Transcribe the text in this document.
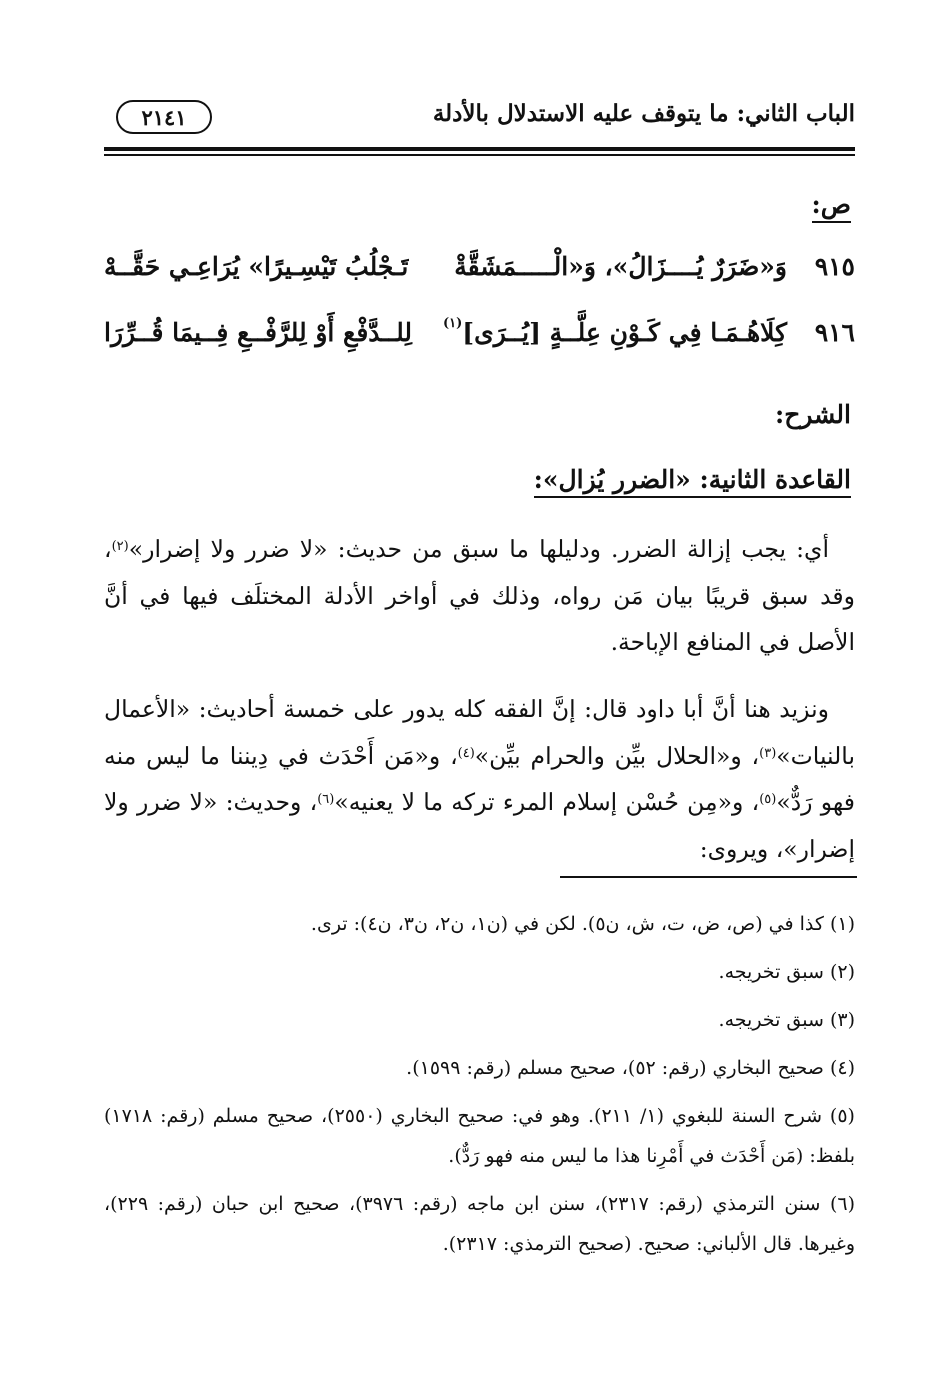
الباب الثاني: ما يتوقف عليه الاستدلال بالأدلة
٢١٤١
ص:
٩١٥
وَ«ضَرَرٌ يُــــزَالُ»، وَ«الْـــــمَشَقَّةْ
تَـجْلُبُ تَيْسِـيرًا» يُرَاعِـي حَقَّــهْ
٩١٦
كِلَاهُـمَـا فِي كَـوْنِ عِلَّــةٍ [يُــرَى]$^{(١)}$
لِلــدَّفْعِ أَوْ لِلرَّفْــعِ فِــيمَا قُــرِّرَا
الشرح:
القاعدة الثانية: «الضرر يُزال»:

أي: يجب إزالة الضرر. ودليلها ما سبق من حديث: «لا ضرر ولا إضرار»$^{(٢)}$، وقد سبق قريبًا بيان مَن رواه، وذلك في أواخر الأدلة المختلَف فيها في أنَّ الأصل في المنافع الإباحة.

ونزيد هنا أنَّ أبا داود قال: إنَّ الفقه كله يدور على خمسة أحاديث: «الأعمال بالنيات»$^{(٣)}$، و«الحلال بيِّن والحرام بيِّن»$^{(٤)}$، و«مَن أَحْدَث في دِيننا ما ليس منه فهو رَدٌّ»$^{(٥)}$، و«مِن حُسْن إسلام المرء تركه ما لا يعنيه»$^{(٦)}$، وحديث: «لا ضرر ولا إضرار»، ويروى:

(١) كذا في (ص، ض، ت، ش، ن٥). لكن في (ن١، ن٢، ن٣، ن٤): ترى.

(٢) سبق تخريجه.

(٣) سبق تخريجه.

(٤) صحيح البخاري (رقم: ٥٢)، صحيح مسلم (رقم: ١٥٩٩).

(٥) شرح السنة للبغوي (١/ ٢١١). وهو في: صحيح البخاري (٢٥٥٠)، صحيح مسلم (رقم: ١٧١٨) بلفظ: (مَن أَحْدَث في أَمْرِنا هذا ما ليس منه فهو رَدٌّ).

(٦) سنن الترمذي (رقم: ٢٣١٧)، سنن ابن ماجه (رقم: ٣٩٧٦)، صحيح ابن حبان (رقم: ٢٢٩)، وغيرها. قال الألباني: صحيح. (صحيح الترمذي: ٢٣١٧).
